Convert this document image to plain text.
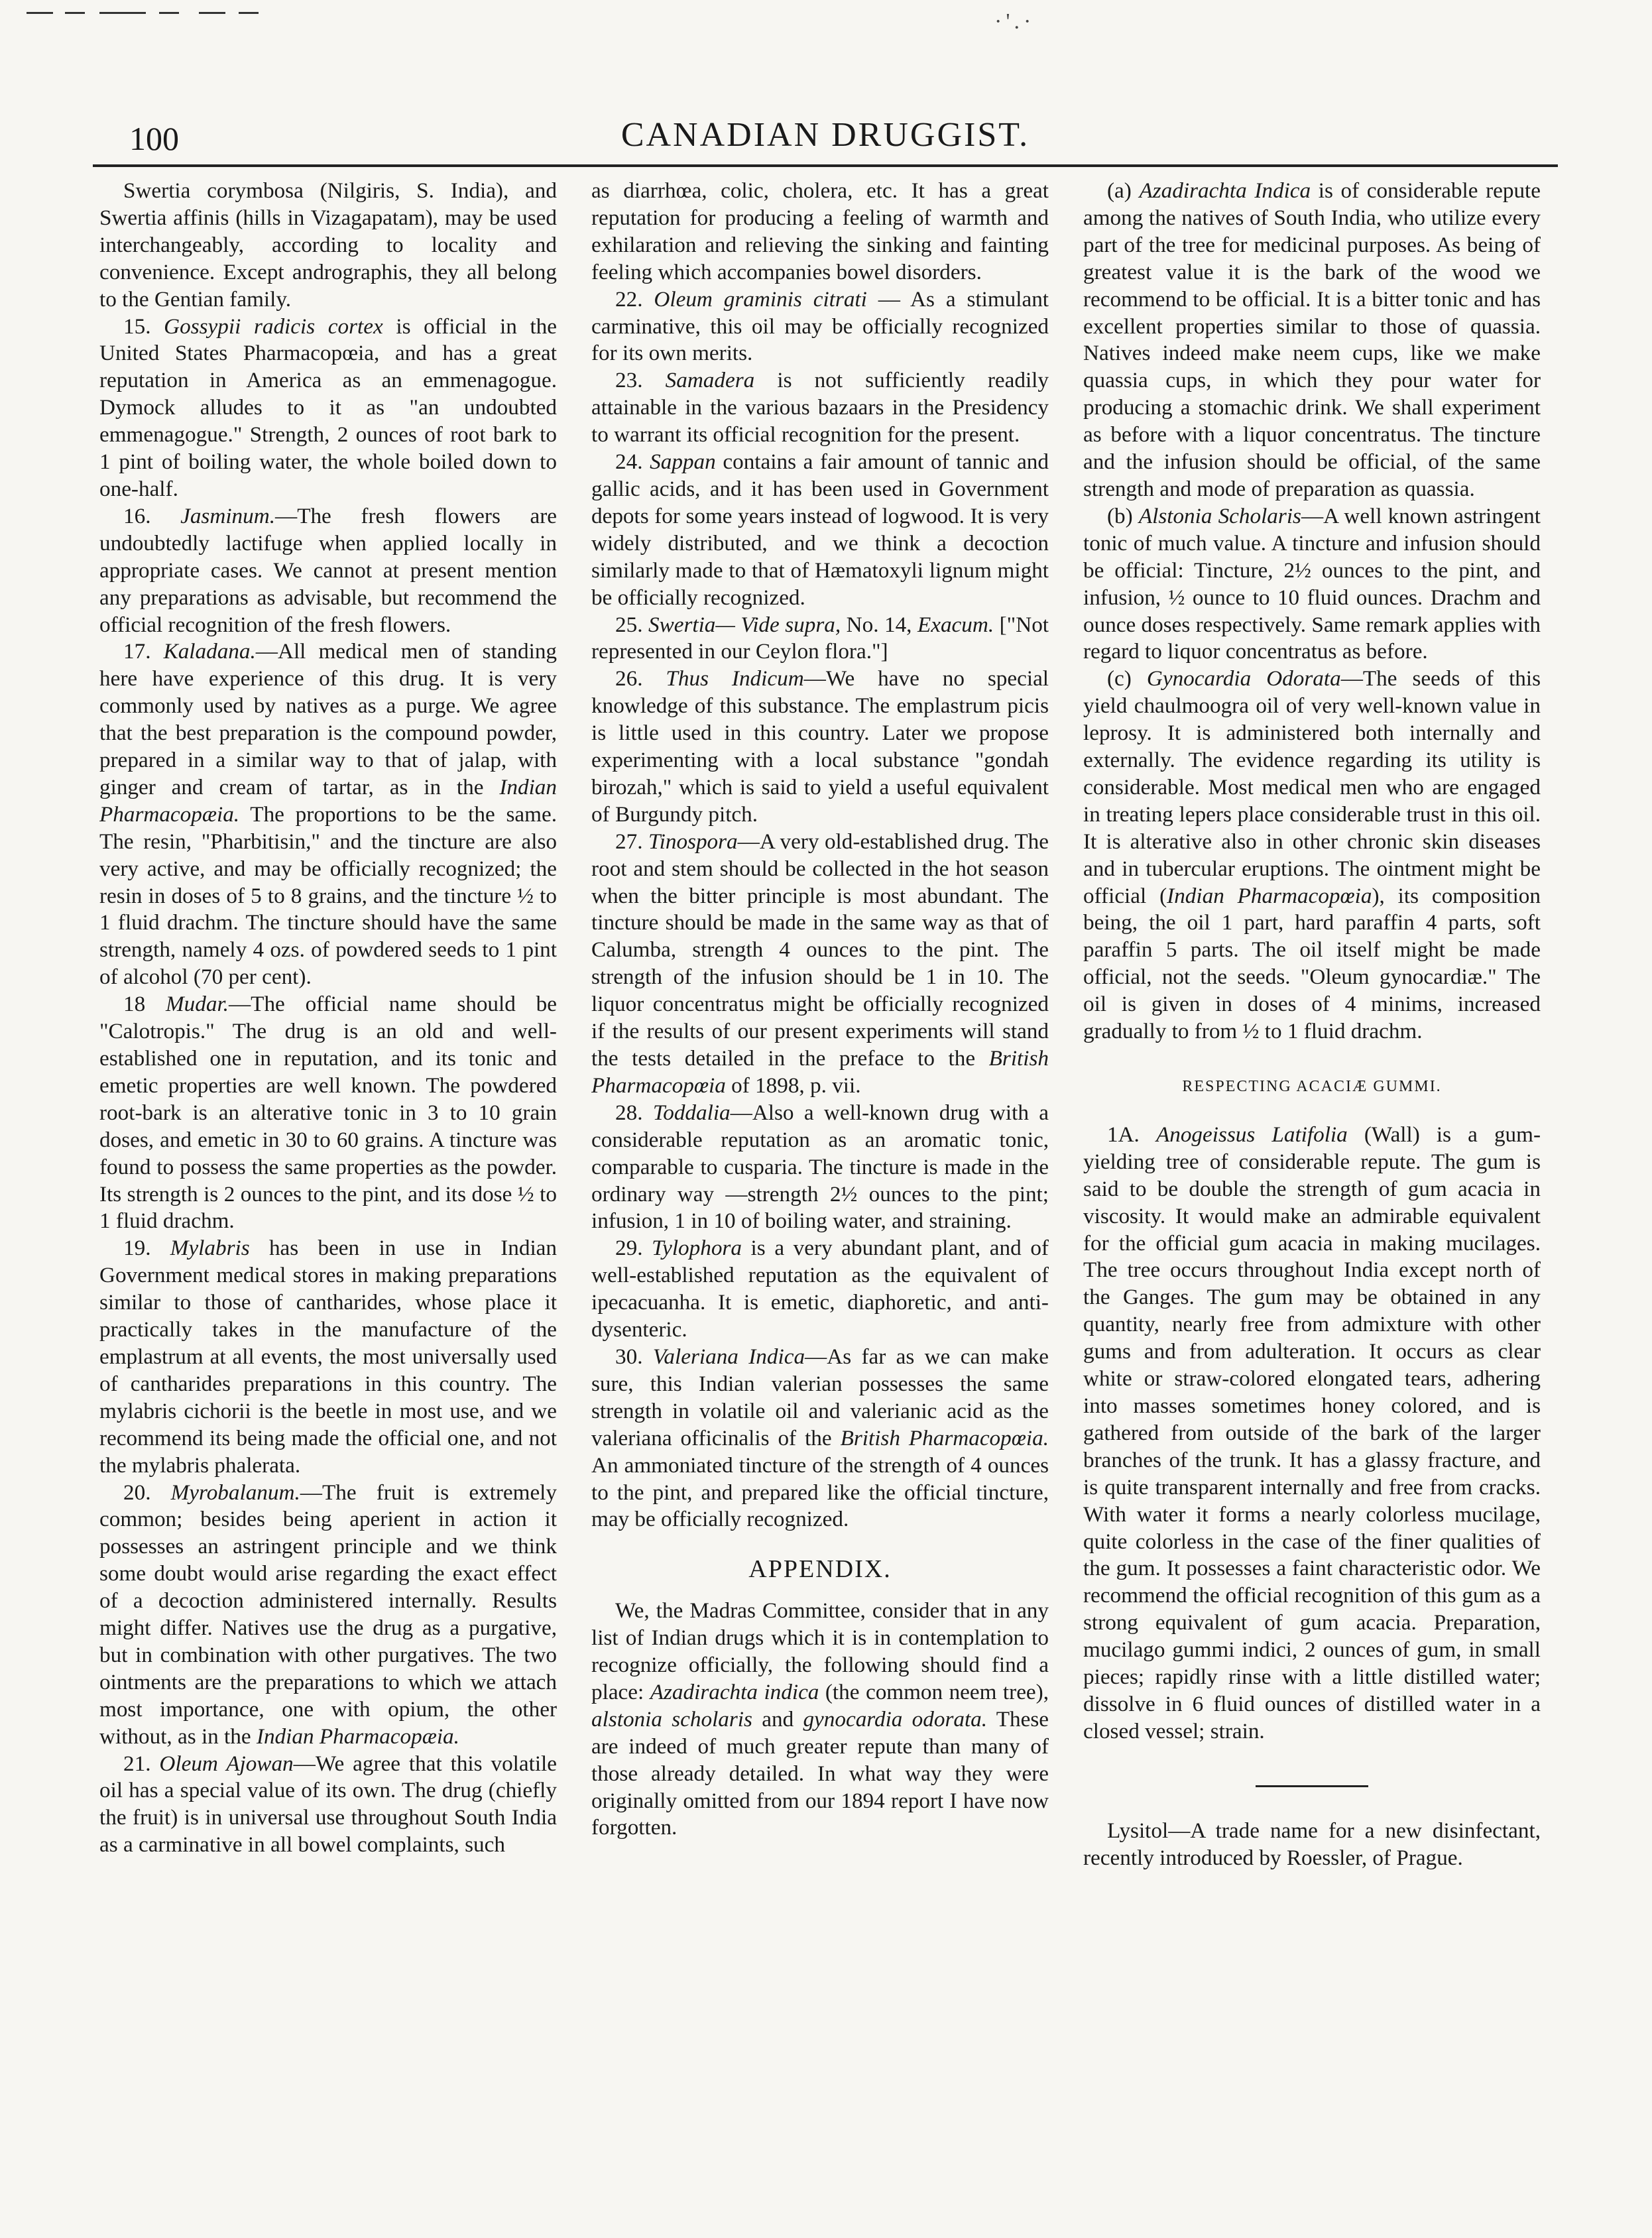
·'.·
100	CANADIAN DRUGGIST.

Swertia corymbosa (Nilgiris, S. India), and Swertia affinis (hills in Vizagapatam), may be used interchangeably, according to locality and convenience. Except andrographis, they all belong to the Gentian family.

15. Gossypii radicis cortex is official in the United States Pharmacopœia, and has a great reputation in America as an emmenagogue. Dymock alludes to it as "an undoubted emmenagogue." Strength, 2 ounces of root bark to 1 pint of boiling water, the whole boiled down to one-half.

16. Jasminum.—The fresh flowers are undoubtedly lactifuge when applied locally in appropriate cases. We cannot at present mention any preparations as advisable, but recommend the official recognition of the fresh flowers.

17. Kaladana.—All medical men of standing here have experience of this drug. It is very commonly used by natives as a purge. We agree that the best preparation is the compound powder, prepared in a similar way to that of jalap, with ginger and cream of tartar, as in the Indian Pharmacopæia. The proportions to be the same. The resin, "Pharbitisin," and the tincture are also very active, and may be officially recognized; the resin in doses of 5 to 8 grains, and the tincture ½ to 1 fluid drachm. The tincture should have the same strength, namely 4 ozs. of powdered seeds to 1 pint of alcohol (70 per cent).

18 Mudar.—The official name should be "Calotropis." The drug is an old and well-established one in reputation, and its tonic and emetic properties are well known. The powdered root-bark is an alterative tonic in 3 to 10 grain doses, and emetic in 30 to 60 grains. A tincture was found to possess the same properties as the powder. Its strength is 2 ounces to the pint, and its dose ½ to 1 fluid drachm.

19. Mylabris has been in use in Indian Government medical stores in making preparations similar to those of cantharides, whose place it practically takes in the manufacture of the emplastrum at all events, the most universally used of cantharides preparations in this country. The mylabris cichorii is the beetle in most use, and we recommend its being made the official one, and not the mylabris phalerata.

20. Myrobalanum.—The fruit is extremely common; besides being aperient in action it possesses an astringent principle and we think some doubt would arise regarding the exact effect of a decoction administered internally. Results might differ. Natives use the drug as a purgative, but in combination with other purgatives. The two ointments are the preparations to which we attach most importance, one with opium, the other without, as in the Indian Pharmacopæia.

21. Oleum Ajowan—We agree that this volatile oil has a special value of its own. The drug (chiefly the fruit) is in universal use throughout South India as a carminative in all bowel complaints, such

as diarrhœa, colic, cholera, etc. It has a great reputation for producing a feeling of warmth and exhilaration and relieving the sinking and fainting feeling which accompanies bowel disorders.

22. Oleum graminis citrati — As a stimulant carminative, this oil may be officially recognized for its own merits.

23. Samadera is not sufficiently readily attainable in the various bazaars in the Presidency to warrant its official recognition for the present.

24. Sappan contains a fair amount of tannic and gallic acids, and it has been used in Government depots for some years instead of logwood. It is very widely distributed, and we think a decoction similarly made to that of Hæmatoxyli lignum might be officially recognized.

25. Swertia— Vide supra, No. 14, Exacum. ["Not represented in our Ceylon flora."]

26. Thus Indicum—We have no special knowledge of this substance. The emplastrum picis is little used in this country. Later we propose experimenting with a local substance "gondah birozah," which is said to yield a useful equivalent of Burgundy pitch.

27. Tinospora—A very old-established drug. The root and stem should be collected in the hot season when the bitter principle is most abundant. The tincture should be made in the same way as that of Calumba, strength 4 ounces to the pint. The strength of the infusion should be 1 in 10. The liquor concentratus might be officially recognized if the results of our present experiments will stand the tests detailed in the preface to the British Pharmacopœia of 1898, p. vii.

28. Toddalia—Also a well-known drug with a considerable reputation as an aromatic tonic, comparable to cusparia. The tincture is made in the ordinary way —strength 2½ ounces to the pint; infusion, 1 in 10 of boiling water, and straining.

29. Tylophora is a very abundant plant, and of well-established reputation as the equivalent of ipecacuanha. It is emetic, diaphoretic, and anti-dysenteric.

30. Valeriana Indica—As far as we can make sure, this Indian valerian possesses the same strength in volatile oil and valerianic acid as the valeriana officinalis of the British Pharmacopœia. An ammoniated tincture of the strength of 4 ounces to the pint, and prepared like the official tincture, may be officially recognized.

APPENDIX.

We, the Madras Committee, consider that in any list of Indian drugs which it is in contemplation to recognize officially, the following should find a place: Azadirachta indica (the common neem tree), alstonia scholaris and gynocardia odorata. These are indeed of much greater repute than many of those already detailed. In what way they were originally omitted from our 1894 report I have now forgotten.

(a) Azadirachta Indica is of considerable repute among the natives of South India, who utilize every part of the tree for medicinal purposes. As being of greatest value it is the bark of the wood we recommend to be official. It is a bitter tonic and has excellent properties similar to those of quassia. Natives indeed make neem cups, like we make quassia cups, in which they pour water for producing a stomachic drink. We shall experiment as before with a liquor concentratus. The tincture and the infusion should be official, of the same strength and mode of preparation as quassia.

(b) Alstonia Scholaris—A well known astringent tonic of much value. A tincture and infusion should be official: Tincture, 2½ ounces to the pint, and infusion, ½ ounce to 10 fluid ounces. Drachm and ounce doses respectively. Same remark applies with regard to liquor concentratus as before.

(c) Gynocardia Odorata—The seeds of this yield chaulmoogra oil of very well-known value in leprosy. It is administered both internally and externally. The evidence regarding its utility is considerable. Most medical men who are engaged in treating lepers place considerable trust in this oil. It is alterative also in other chronic skin diseases and in tubercular eruptions. The ointment might be official (Indian Pharmacopœia), its composition being, the oil 1 part, hard paraffin 4 parts, soft paraffin 5 parts. The oil itself might be made official, not the seeds. "Oleum gynocardiæ." The oil is given in doses of 4 minims, increased gradually to from ½ to 1 fluid drachm.

RESPECTING ACACIÆ GUMMI.

1A. Anogeissus Latifolia (Wall) is a gum-yielding tree of considerable repute. The gum is said to be double the strength of gum acacia in viscosity. It would make an admirable equivalent for the official gum acacia in making mucilages. The tree occurs throughout India except north of the Ganges. The gum may be obtained in any quantity, nearly free from admixture with other gums and from adulteration. It occurs as clear white or straw-colored elongated tears, adhering into masses sometimes honey colored, and is gathered from outside of the bark of the larger branches of the trunk. It has a glassy fracture, and is quite transparent internally and free from cracks. With water it forms a nearly colorless mucilage, quite colorless in the case of the finer qualities of the gum. It possesses a faint characteristic odor. We recommend the official recognition of this gum as a strong equivalent of gum acacia. Preparation, mucilago gummi indici, 2 ounces of gum, in small pieces; rapidly rinse with a little distilled water; dissolve in 6 fluid ounces of distilled water in a closed vessel; strain.

Lysitol—A trade name for a new disinfectant, recently introduced by Roessler, of Prague.
